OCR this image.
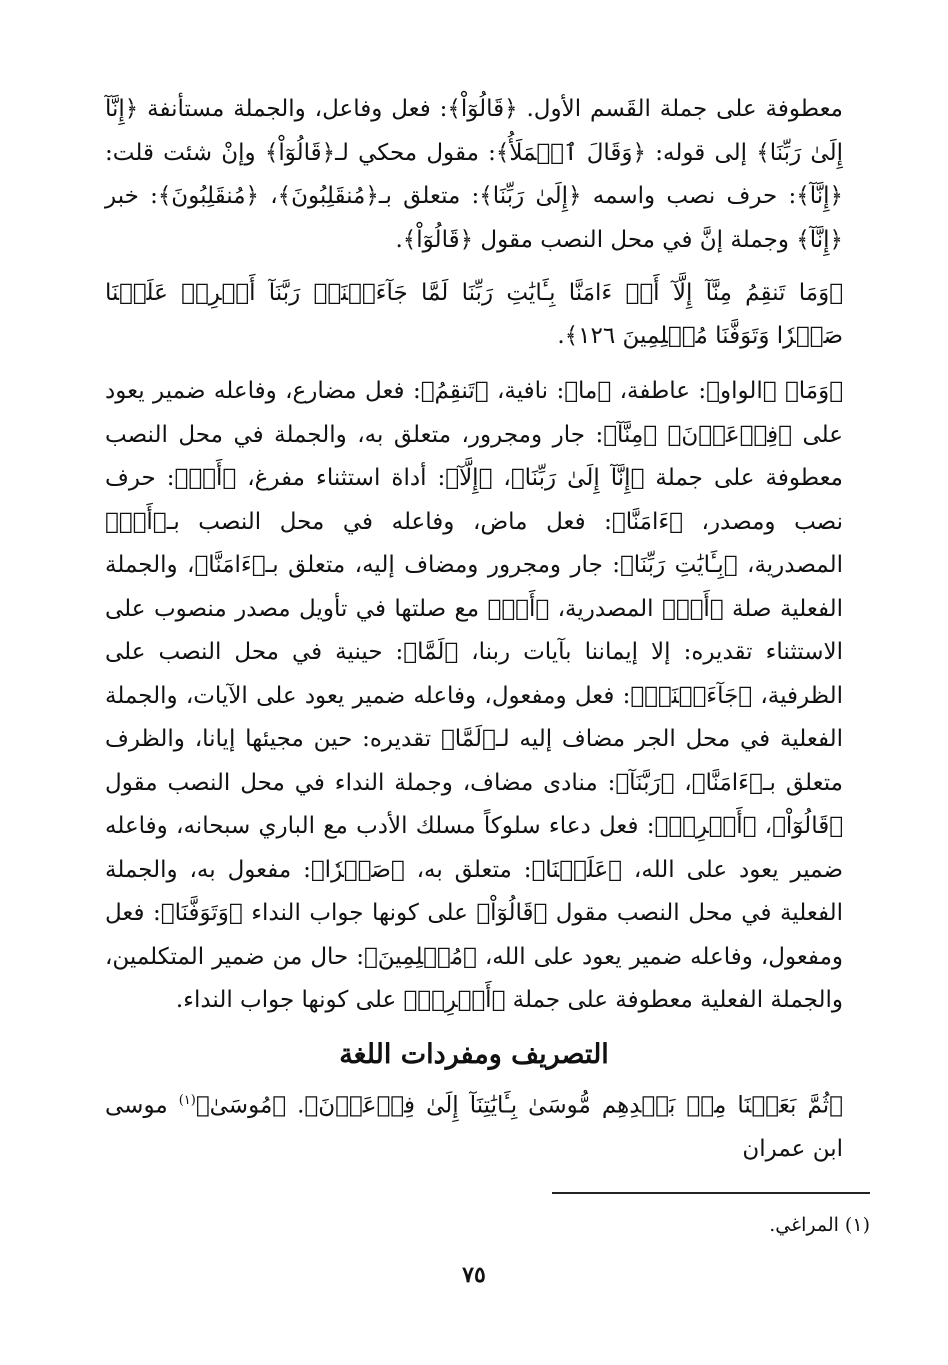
معطوفة على جملة القَسم الأول. ﴿قَالُوٓاْ﴾: فعل وفاعل، والجملة مستأنفة ﴿إِنَّآ إِلَىٰ رَبِّنَا﴾ إلى قوله: ﴿وَقَالَ ٱلۡمَلَأُ﴾: مقول محكي لـ﴿قَالُوٓاْ﴾ وإنْ شئت قلت: ﴿إِنَّآ﴾: حرف نصب واسمه ﴿إِلَىٰ رَبِّنَا﴾: متعلق بـ﴿مُنقَلِبُونَ﴾، ﴿مُنقَلِبُونَ﴾: خبر ﴿إِنَّآ﴾ وجملة إنَّ في محل النصب مقول ﴿قَالُوٓاْ﴾.

﴿وَمَا تَنقِمُ مِنَّآ إِلَّآ أَنۡ ءَامَنَّا بِـَٔايَٰتِ رَبِّنَا لَمَّا جَآءَتۡنَاۚ رَبَّنَآ أَفۡرِغۡ عَلَيۡنَا صَبۡرٗا وَتَوَفَّنَا مُسۡلِمِينَ ١٢٦﴾.

﴿وَمَا﴾ ﴿الواو﴾: عاطفة، ﴿ما﴾: نافية، ﴿تَنقِمُ﴾: فعل مضارع، وفاعله ضمير يعود على ﴿فِرۡعَوۡنَ﴾ ﴿مِنَّآ﴾: جار ومجرور، متعلق به، والجملة في محل النصب معطوفة على جملة ﴿إِنَّآ إِلَىٰ رَبِّنَا﴾، ﴿إِلَّآ﴾: أداة استثناء مفرغ، ﴿أَنۡ﴾: حرف نصب ومصدر، ﴿ءَامَنَّا﴾: فعل ماض، وفاعله في محل النصب بـ﴿أَنۡ﴾ المصدرية، ﴿بِـَٔايَٰتِ رَبِّنَا﴾: جار ومجرور ومضاف إليه، متعلق بـ﴿ءَامَنَّا﴾، والجملة الفعلية صلة ﴿أَنۡ﴾ المصدرية، ﴿أَنۡ﴾ مع صلتها في تأويل مصدر منصوب على الاستثناء تقديره: إلا إيماننا بآيات ربنا، ﴿لَمَّا﴾: حينية في محل النصب على الظرفية، ﴿جَآءَتۡنَاۚ﴾: فعل ومفعول، وفاعله ضمير يعود على الآيات، والجملة الفعلية في محل الجر مضاف إليه لـ﴿لَمَّا﴾ تقديره: حين مجيئها إيانا، والظرف متعلق بـ﴿ءَامَنَّا﴾، ﴿رَبَّنَآ﴾: منادى مضاف، وجملة النداء في محل النصب مقول ﴿قَالُوٓاْ﴾، ﴿أَفۡرِغۡ﴾: فعل دعاء سلوكاً مسلك الأدب مع الباري سبحانه، وفاعله ضمير يعود على الله، ﴿عَلَيۡنَا﴾: متعلق به، ﴿صَبۡرٗا﴾: مفعول به، والجملة الفعلية في محل النصب مقول ﴿قَالُوٓاْ﴾ على كونها جواب النداء ﴿وَتَوَفَّنَا﴾: فعل ومفعول، وفاعله ضمير يعود على الله، ﴿مُسۡلِمِينَ﴾: حال من ضمير المتكلمين، والجملة الفعلية معطوفة على جملة ﴿أَفۡرِغۡ﴾ على كونها جواب النداء.

التصريف ومفردات اللغة

﴿ثُمَّ بَعَثۡنَا مِنۢ بَعۡدِهِم مُّوسَىٰ بِـَٔايَٰتِنَآ إِلَىٰ فِرۡعَوۡنَ﴾. ﴿مُوسَىٰ﴾$^{(١)}$ موسى ابن عمران

(١) المراغي.
٧٥
